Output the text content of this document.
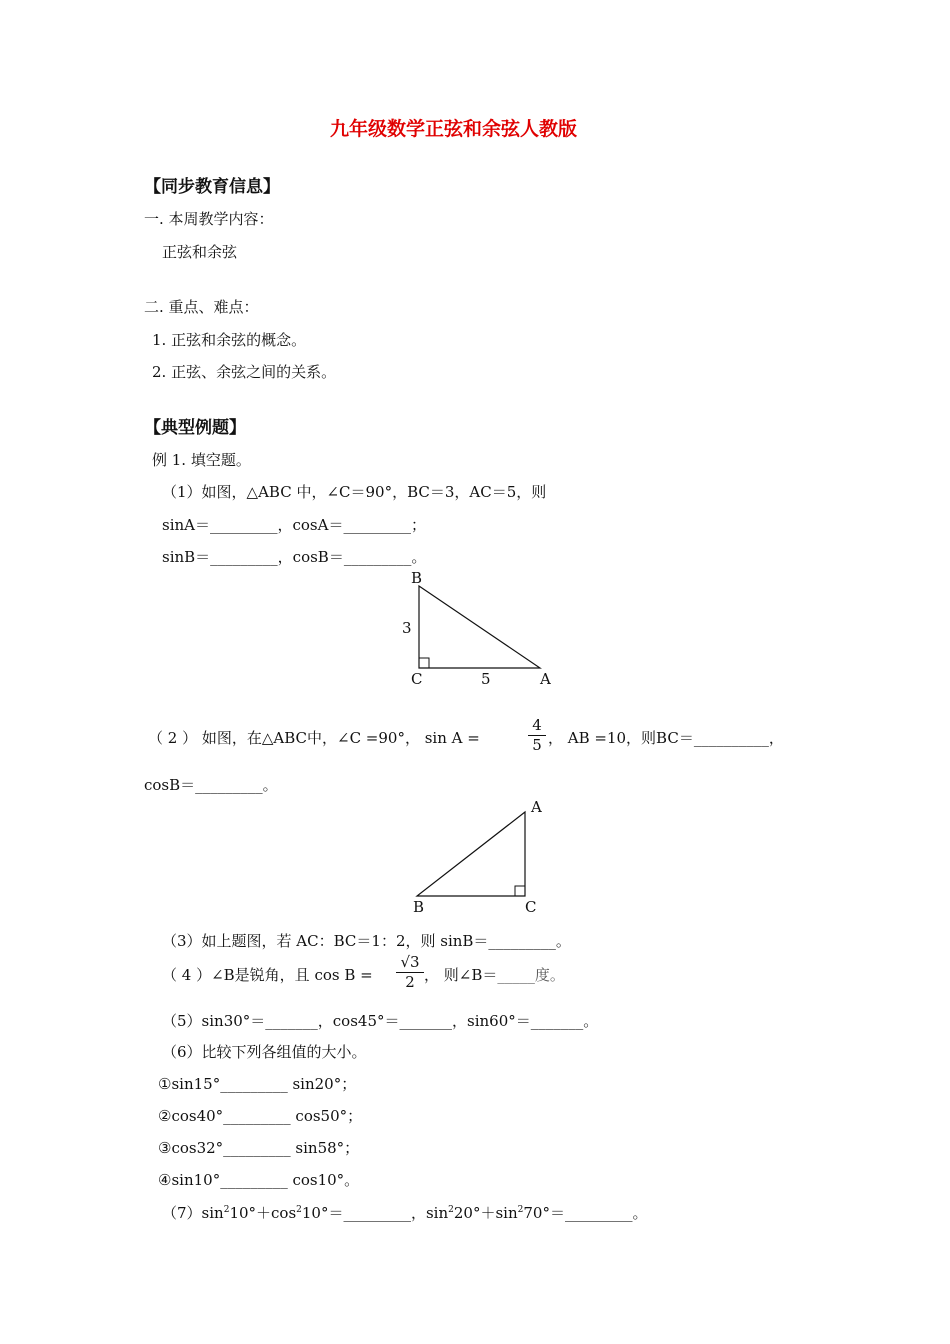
九年级数学正弦和余弦人教版
【同步教育信息】
一. 本周教学内容：
正弦和余弦
二. 重点、难点：
1. 正弦和余弦的概念。
2. 正弦、余弦之间的关系。
【典型例题】
例 1. 填空题。
（1）如图，△ABC 中，∠C＝90°，BC＝3，AC＝5，则
sinA＝_________，cosA＝_________；
sinB＝_________，cosB＝_________。
B
C	A
3
5
（ 2 ） 如图，在△ABC中，∠C =90°， sin A =
4
5 ， AB =10，则BC＝__________，
cosB＝_________。
A
B	C
（3）如上题图，若 AC：BC＝1：2，则 sinB＝_________。
（ 4 ）∠B是锐角，且 cos B =
√3
2 ， 则∠B＝_____度。
（5）sin30°＝_______，cos45°＝_______，sin60°＝_______。
（6）比较下列各组值的大小。
①sin15°_________ sin20°；
②cos40°_________ cos50°；
③cos32°_________ sin58°；
④sin10°_________ cos10°。
$(7)\sin^210^\circ+\cos^210^\circ=\_\_\_\_\_\_\_\_\_$，$\sin^220^\circ+\sin^270^\circ=\_\_\_\_\_\_\_\_\_$。
